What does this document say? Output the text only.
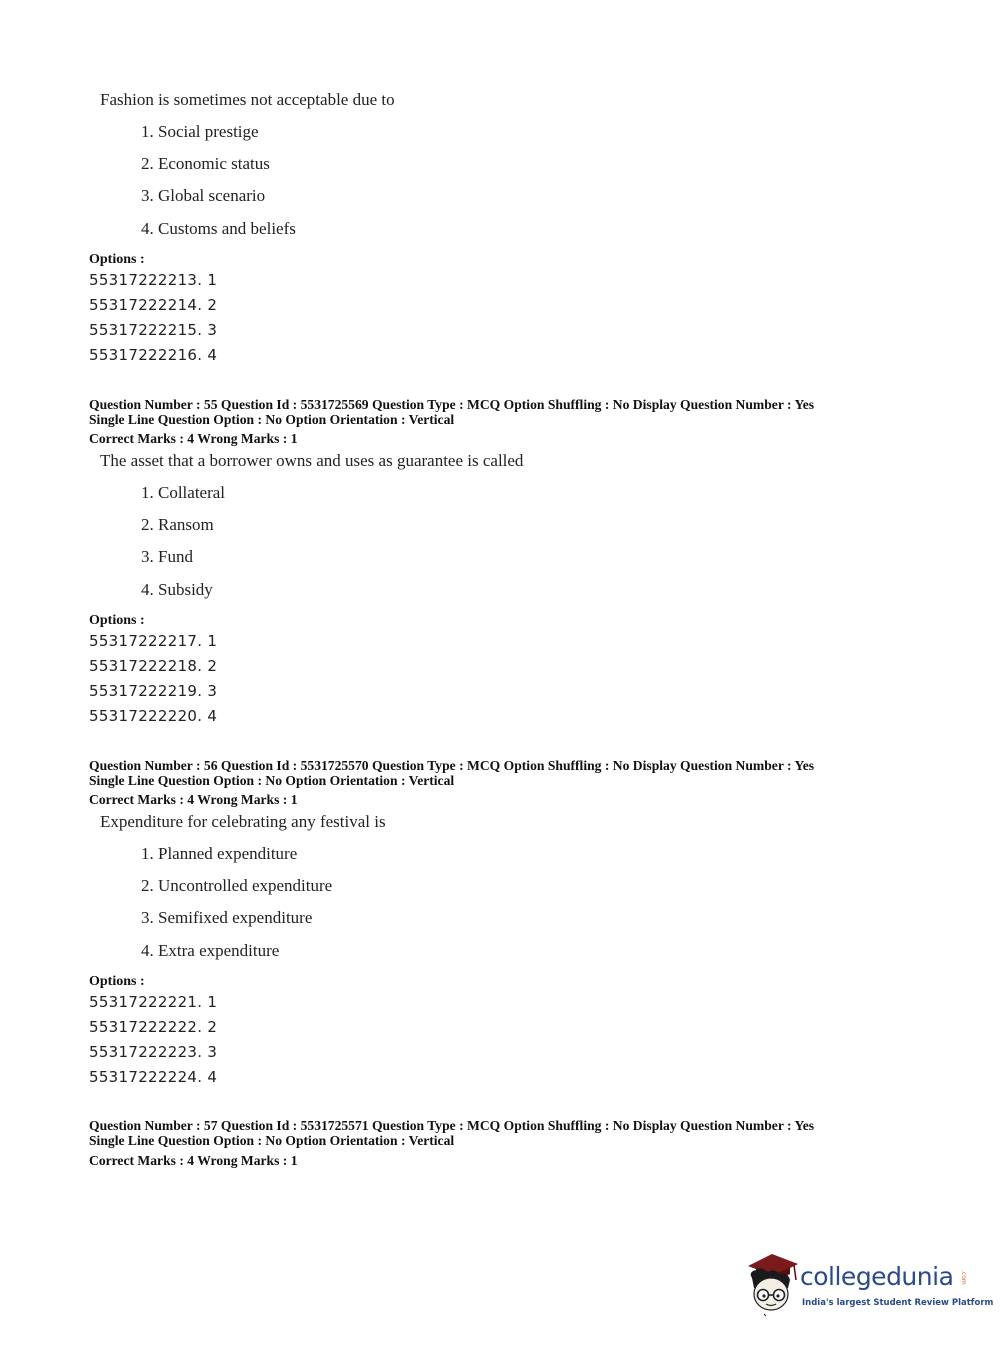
Fashion is sometimes not acceptable due to
1. Social prestige
2. Economic status
3. Global scenario
4. Customs and beliefs
Options :
55317222213. 1
55317222214. 2
55317222215. 3
55317222216. 4
Question Number : 55 Question Id : 5531725569 Question Type : MCQ Option Shuffling : No Display Question Number : Yes
Single Line Question Option : No Option Orientation : Vertical
Correct Marks : 4 Wrong Marks : 1
The asset that a borrower owns and uses as guarantee is called
1. Collateral
2. Ransom
3. Fund
4. Subsidy
Options :
55317222217. 1
55317222218. 2
55317222219. 3
55317222220. 4
Question Number : 56 Question Id : 5531725570 Question Type : MCQ Option Shuffling : No Display Question Number : Yes
Single Line Question Option : No Option Orientation : Vertical
Correct Marks : 4 Wrong Marks : 1
Expenditure for celebrating any festival is
1. Planned expenditure
2. Uncontrolled expenditure
3. Semifixed expenditure
4. Extra expenditure
Options :
55317222221. 1
55317222222. 2
55317222223. 3
55317222224. 4
Question Number : 57 Question Id : 5531725571 Question Type : MCQ Option Shuffling : No Display Question Number : Yes
Single Line Question Option : No Option Orientation : Vertical
Correct Marks : 4 Wrong Marks : 1
collegedunia .com
India's largest Student Review Platform
